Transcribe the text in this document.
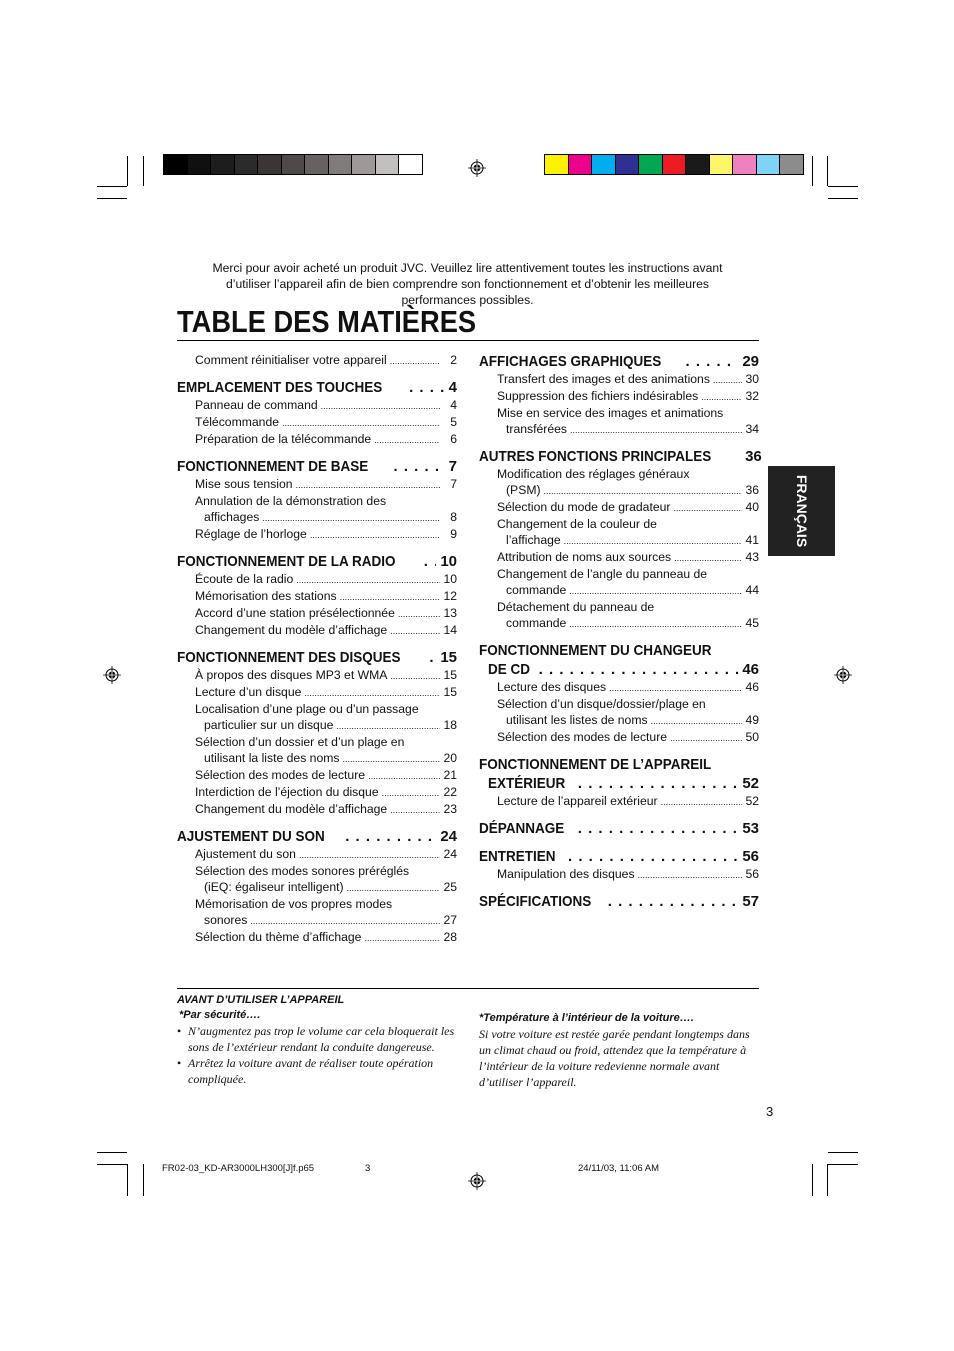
Merci pour avoir acheté un produit JVC. Veuillez lire attentivement toutes les instructions avant d’utiliser l’appareil afin de bien comprendre son fonctionnement et d’obtenir les meilleures performances possibles.
TABLE DES MATIÈRES
Comment réinitialiser votre appareil .....	2
EMPLACEMENT DES TOUCHES . . .	4
Panneau de command .....	4
Télécommande .....	5
Préparation de la télécommande .....	6
FONCTIONNEMENT DE BASE . . .	7
Mise sous tension .....	7
Annulation de la démonstration des
affichages .....	8
Réglage de l’horloge .....	9
FONCTIONNEMENT DE LA RADIO . . .	10
Écoute de la radio .....	10
Mémorisation des stations .....	12
Accord d’une station présélectionnée .....	13
Changement du modèle d’affichage .....	14
FONCTIONNEMENT DES DISQUES . . .	15
À propos des disques MP3 et WMA .....	15
Lecture d’un disque .....	15
Localisation d’une plage ou d’un passage
particulier sur un disque .....	18
Sélection d’un dossier et d’un plage en
utilisant la liste des noms .....	20
Sélection des modes de lecture .....	21
Interdiction de l’éjection du disque .....	22
Changement du modèle d’affichage .....	23
AJUSTEMENT DU SON . . .	24
Ajustement du son .....	24
Sélection des modes sonores préréglés
(iEQ: égaliseur intelligent) .....	25
Mémorisation de vos propres modes
sonores .....	27
Sélection du thème d’affichage .....	28
AFFICHAGES GRAPHIQUES . . .	29
Transfert des images et des animations .....	30
Suppression des fichiers indésirables .....	32
Mise en service des images et animations
transférées .....	34
AUTRES FONCTIONS PRINCIPALES 36
Modification des réglages généraux
(PSM) .....	36
Sélection du mode de gradateur .....	40
Changement de la couleur de
l’affichage .....	41
Attribution de noms aux sources .....	43
Changement de l’angle du panneau de
commande .....	44
Détachement du panneau de
commande .....	45
FONCTIONNEMENT DU CHANGEUR
DE CD . . .	46
Lecture des disques .....	46
Sélection d’un disque/dossier/plage en
utilisant les listes de noms .....	49
Sélection des modes de lecture .....	50
FONCTIONNEMENT DE L’APPAREIL
EXTÉRIEUR . . .	52
Lecture de l’appareil extérieur .....	52
DÉPANNAGE . . .	53
ENTRETIEN . . .	56
Manipulation des disques .....	56
SPÉCIFICATIONS . . .	57
FRANÇAIS
AVANT D’UTILISER L’APPAREIL
*Par sécurité….
• N’augmentez pas trop le volume car cela bloquerait les sons de l’extérieur rendant la conduite dangereuse.
• Arrêtez la voiture avant de réaliser toute opération compliquée.
*Température à l’intérieur de la voiture….
Si votre voiture est restée garée pendant longtemps dans un climat chaud ou froid, attendez que la température à l’intérieur de la voiture redevienne normale avant d’utiliser l’appareil.
3
FR02-03_KD-AR3000LH300[J]f.p65	3	24/11/03, 11:06 AM
